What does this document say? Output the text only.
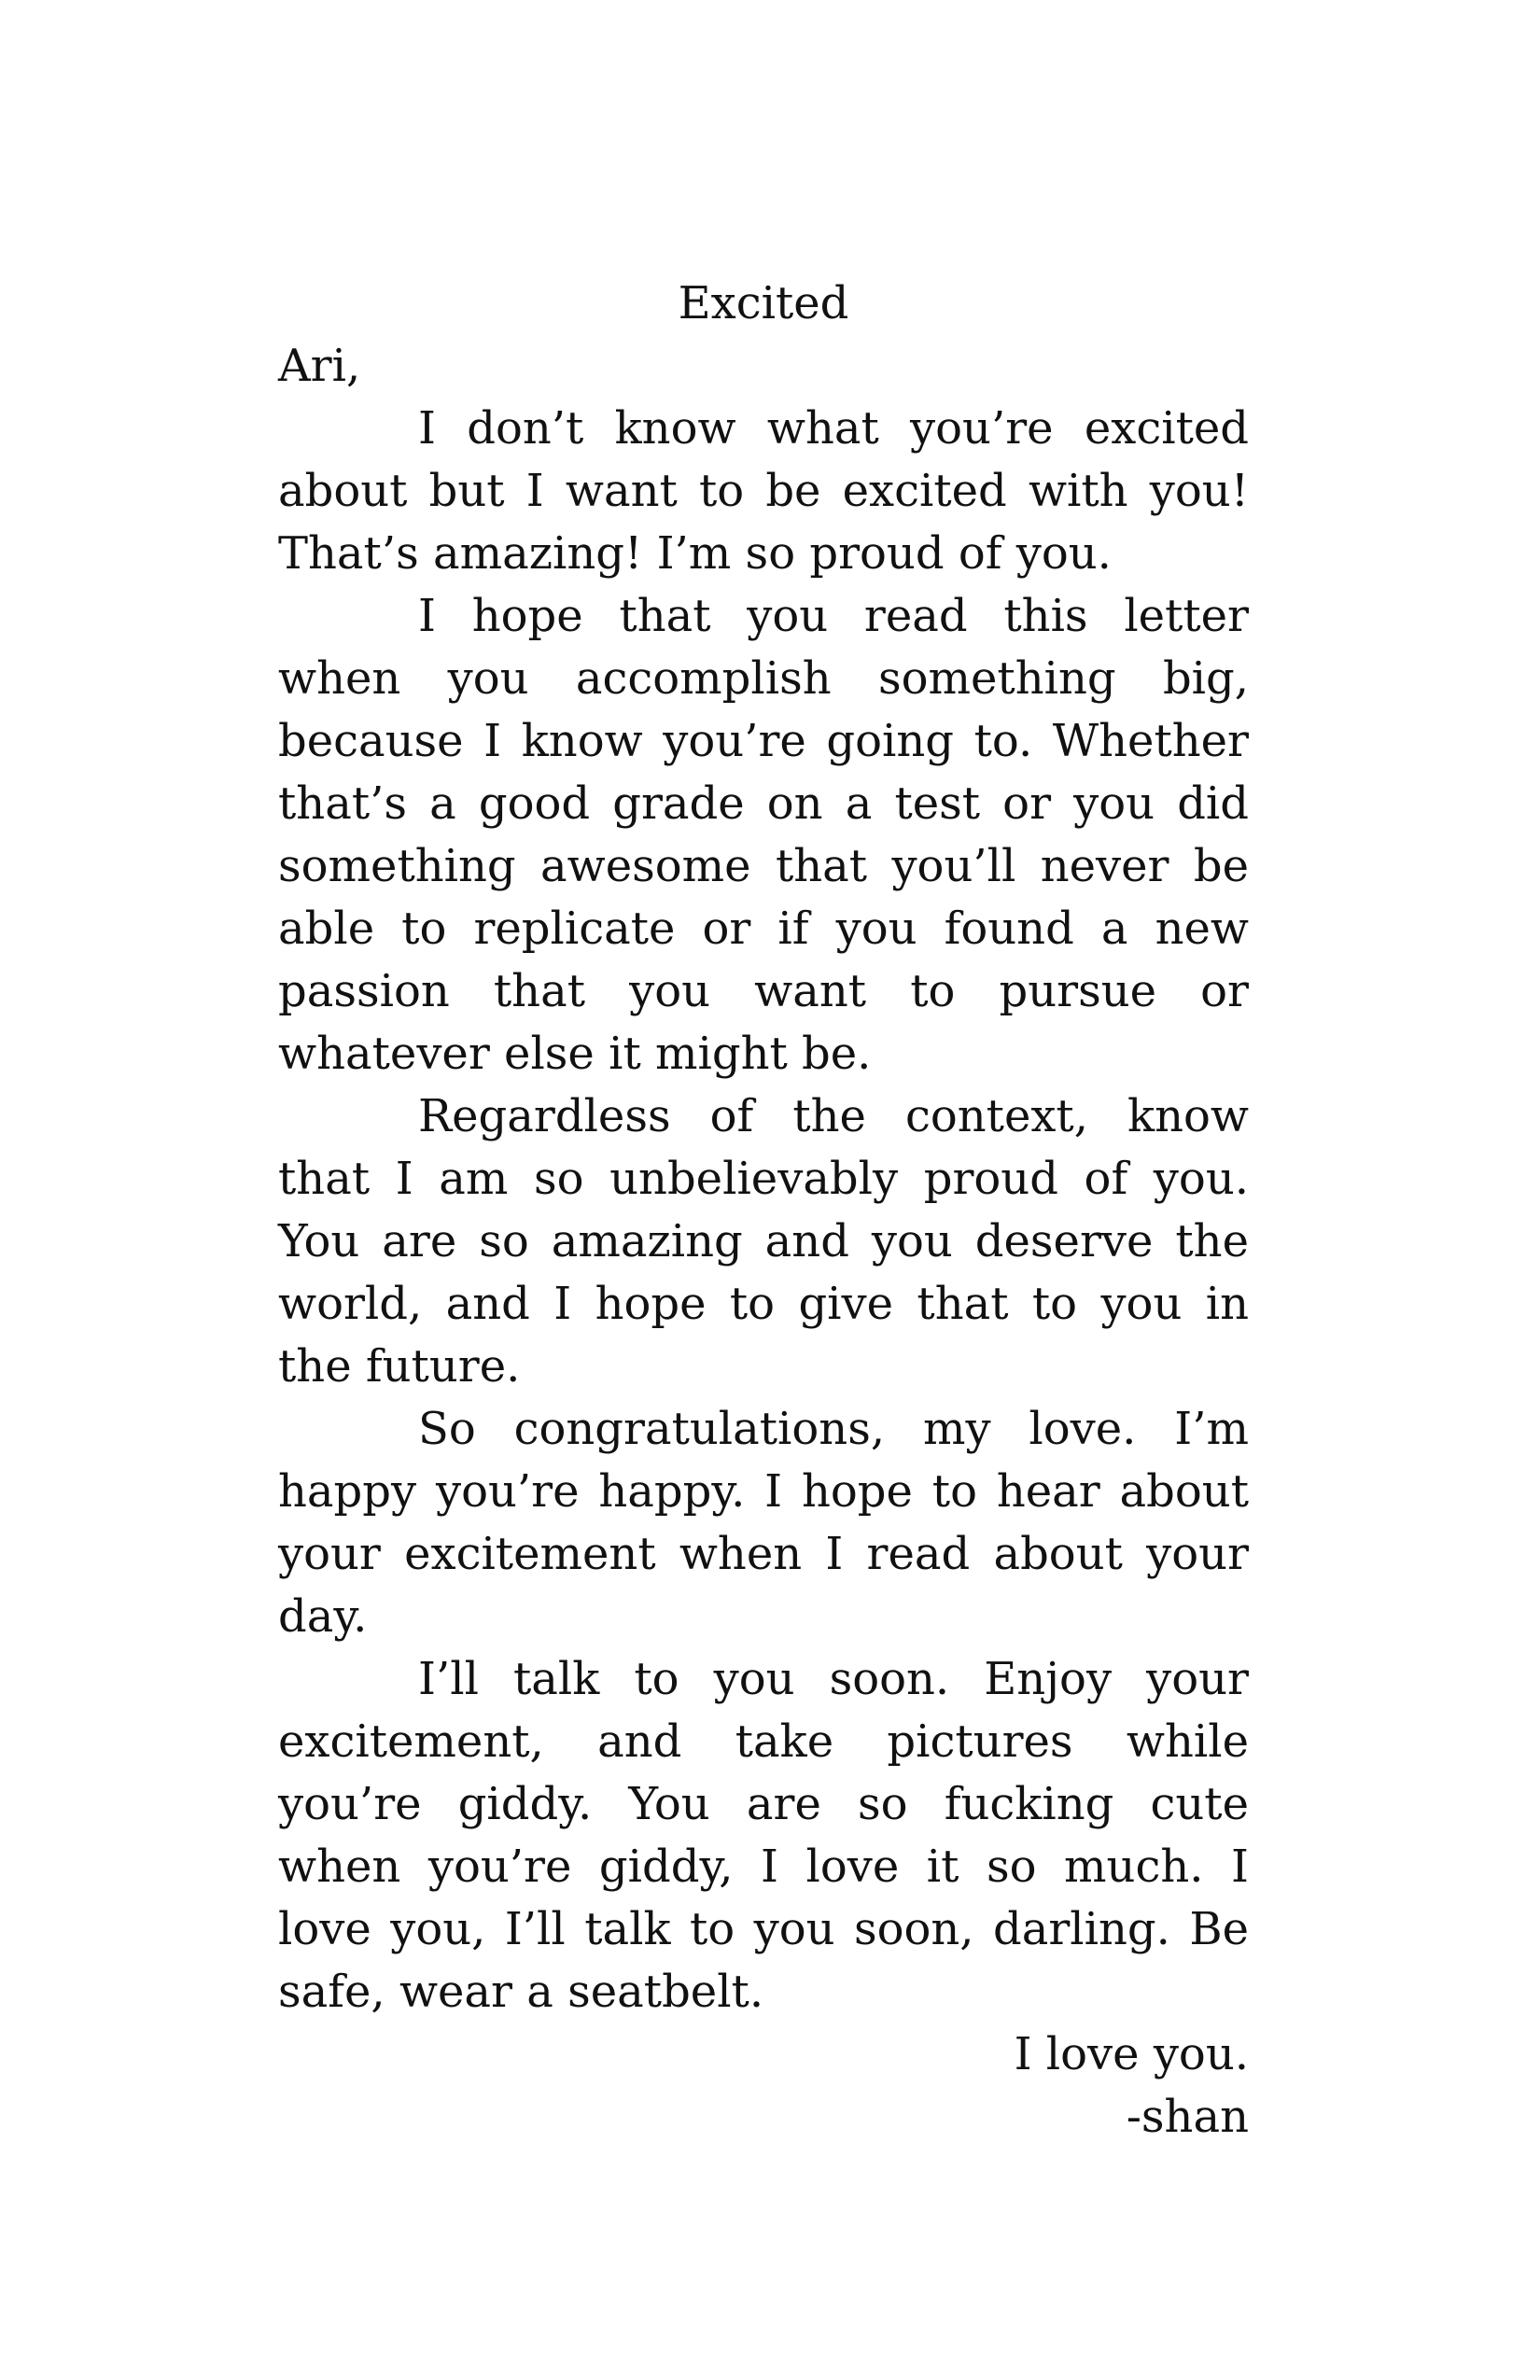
Excited

Ari,

I don’t know what you’re excited about but I want to be excited with you! That’s amazing! I’m so proud of you.

I hope that you read this letter when you accomplish something big, because I know you’re going to. Whether that’s a good grade on a test or you did something awesome that you’ll never be able to replicate or if you found a new passion that you want to pursue or whatever else it might be.

Regardless of the context, know that I am so unbelievably proud of you. You are so amazing and you deserve the world, and I hope to give that to you in the future.

So congratulations, my love. I’m happy you’re happy. I hope to hear about your excitement when I read about your day.

I’ll talk to you soon. Enjoy your excitement, and take pictures while you’re giddy. You are so fucking cute when you’re giddy, I love it so much. I love you, I’ll talk to you soon, darling. Be safe, wear a seatbelt.

I love you.

-shan
